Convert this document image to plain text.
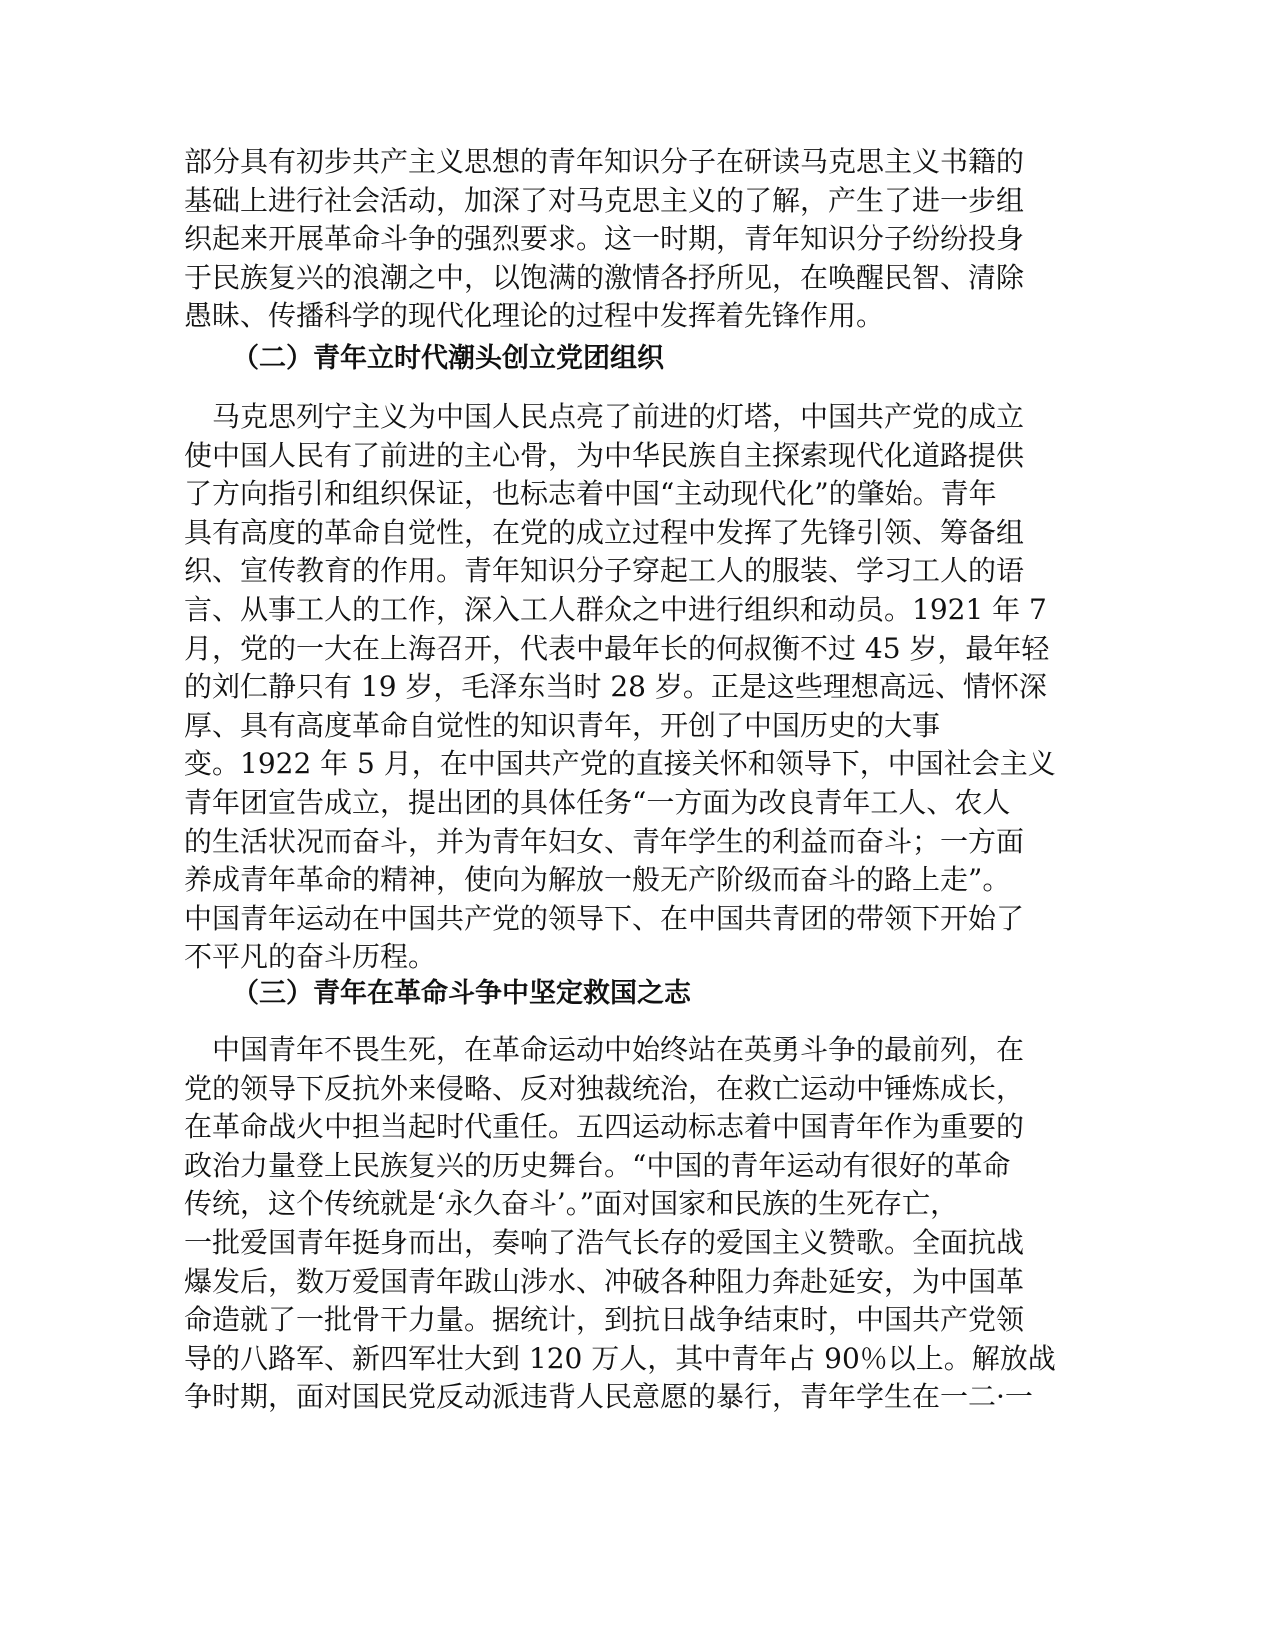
部分具有初步共产主义思想的青年知识分子在研读马克思主义书籍的
基础上进行社会活动，加深了对马克思主义的了解，产生了进一步组
织起来开展革命斗争的强烈要求。这一时期，青年知识分子纷纷投身
于民族复兴的浪潮之中，以饱满的激情各抒所见，在唤醒民智、清除
愚昧、传播科学的现代化理论的过程中发挥着先锋作用。
（二）青年立时代潮头创立党团组织
　马克思列宁主义为中国人民点亮了前进的灯塔，中国共产党的成立
使中国人民有了前进的主心骨，为中华民族自主探索现代化道路提供
了方向指引和组织保证，也标志着中国“主动现代化”的肇始。青年
具有高度的革命自觉性，在党的成立过程中发挥了先锋引领、筹备组
织、宣传教育的作用。青年知识分子穿起工人的服装、学习工人的语
言、从事工人的工作，深入工人群众之中进行组织和动员。1921 年 7
月，党的一大在上海召开，代表中最年长的何叔衡不过 45 岁，最年轻
的刘仁静只有 19 岁，毛泽东当时 28 岁。正是这些理想高远、情怀深
厚、具有高度革命自觉性的知识青年，开创了中国历史的大事
变。1922 年 5 月，在中国共产党的直接关怀和领导下，中国社会主义
青年团宣告成立，提出团的具体任务“一方面为改良青年工人、农人
的生活状况而奋斗，并为青年妇女、青年学生的利益而奋斗；一方面
养成青年革命的精神，使向为解放一般无产阶级而奋斗的路上走”。
中国青年运动在中国共产党的领导下、在中国共青团的带领下开始了
不平凡的奋斗历程。
（三）青年在革命斗争中坚定救国之志
　中国青年不畏生死，在革命运动中始终站在英勇斗争的最前列，在
党的领导下反抗外来侵略、反对独裁统治，在救亡运动中锤炼成长，
在革命战火中担当起时代重任。五四运动标志着中国青年作为重要的
政治力量登上民族复兴的历史舞台。“中国的青年运动有很好的革命
传统，这个传统就是‘永久奋斗’。”面对国家和民族的生死存亡，
一批爱国青年挺身而出，奏响了浩气长存的爱国主义赞歌。全面抗战
爆发后，数万爱国青年跋山涉水、冲破各种阻力奔赴延安，为中国革
命造就了一批骨干力量。据统计，到抗日战争结束时，中国共产党领
导的八路军、新四军壮大到 120 万人，其中青年占 90％以上。解放战
争时期，面对国民党反动派违背人民意愿的暴行，青年学生在一二·一
